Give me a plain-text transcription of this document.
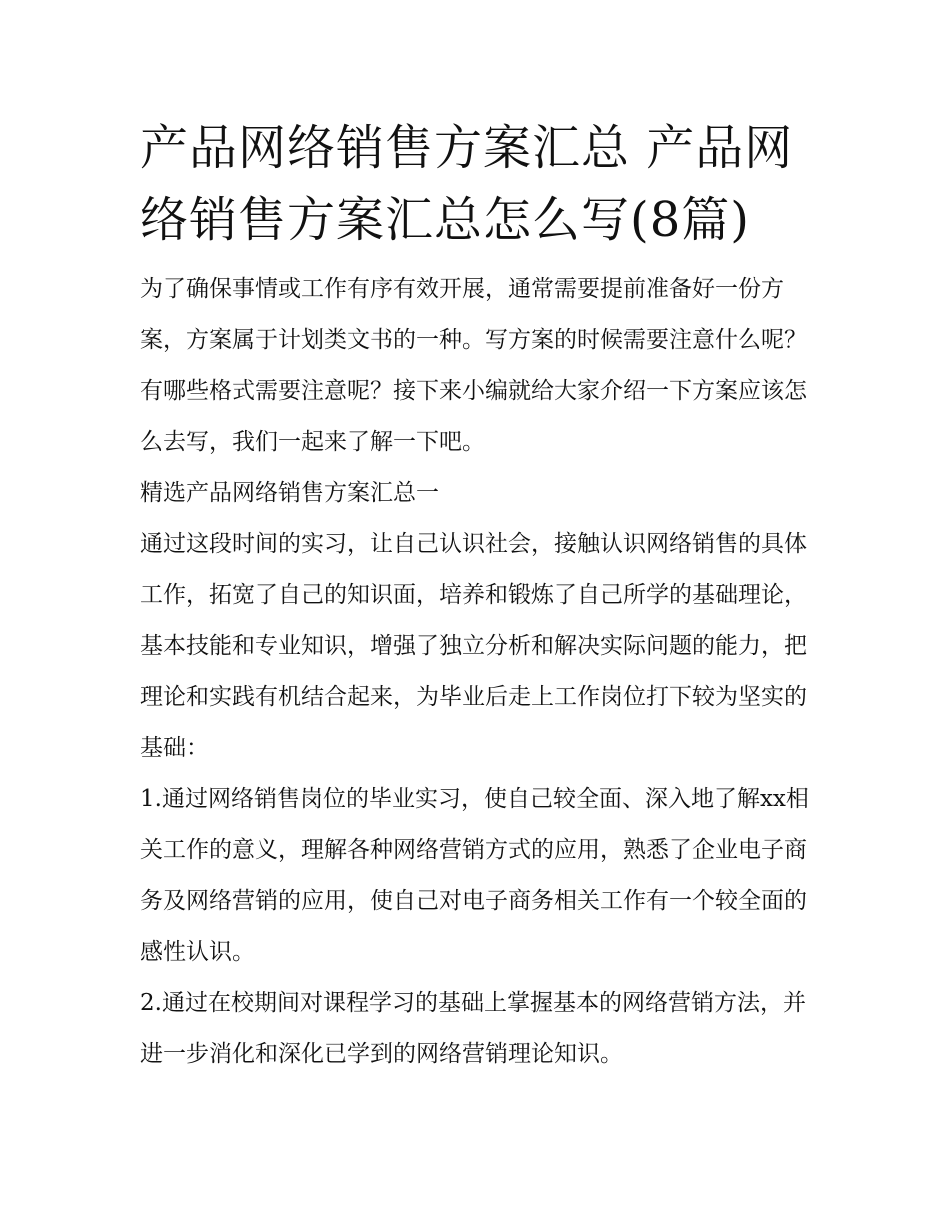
产品网络销售方案汇总 产品网络销售方案汇总怎么写(8篇)

为了确保事情或工作有序有效开展，通常需要提前准备好一份方案，方案属于计划类文书的一种。写方案的时候需要注意什么呢？有哪些格式需要注意呢？接下来小编就给大家介绍一下方案应该怎么去写，我们一起来了解一下吧。

精选产品网络销售方案汇总一

通过这段时间的实习，让自己认识社会，接触认识网络销售的具体工作，拓宽了自己的知识面，培养和锻炼了自己所学的基础理论，基本技能和专业知识，增强了独立分析和解决实际问题的能力，把理论和实践有机结合起来，为毕业后走上工作岗位打下较为坚实的基础：

1.通过网络销售岗位的毕业实习，使自己较全面、深入地了解xx相关工作的意义，理解各种网络营销方式的应用，熟悉了企业电子商务及网络营销的应用，使自己对电子商务相关工作有一个较全面的感性认识。

2.通过在校期间对课程学习的基础上掌握基本的网络营销方法，并进一步消化和深化已学到的网络营销理论知识。
